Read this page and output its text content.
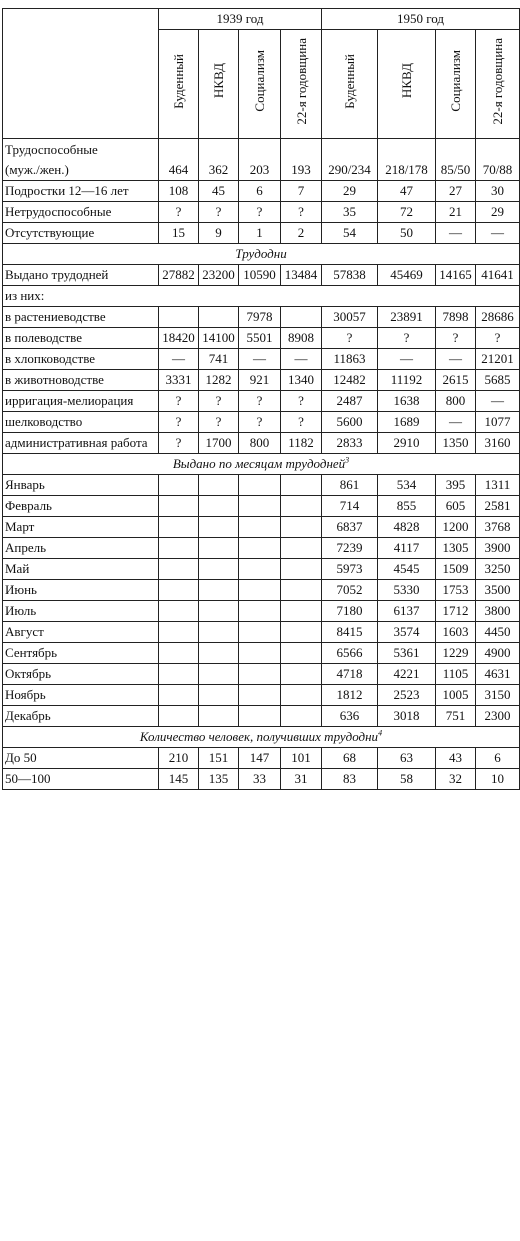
	1939 год				1950 год			
	Буденный	НКВД	Социализм	22-я годовщина	Буденный	НКВД	Социализм	22-я годовщина

Трудоспособные
(муж./жен.)	464	362	203	193	290/234	218/178	85/50	70/88
Подростки 12—16 лет	108	45	6	7	29	47	27	30
Нетрудоспособные	?	?	?	?	35	72	21	29
Отсутствующие	15	9	1	2	54	50	—	—
Трудодни								
Выдано трудодней	27882	23200	10590	13484	57838	45469	14165	41641
из них:								
в растениеводстве			7978		30057	23891	7898	28686
в полеводстве	18420	14100	5501	8908	?	?	?	?
в хлопководстве	—	741	—	—	11863	—	—	21201
в животноводстве	3331	1282	921	1340	12482	11192	2615	5685
ирригация-мелиорация	?	?	?	?	2487	1638	800	—
шелководство	?	?	?	?	5600	1689	—	1077
административная работа	?	1700	800	1182	2833	2910	1350	3160
Выдано по месяцам трудодней$^3$
Январь					861	534	395	1311
Февраль					714	855	605	2581
Март					6837	4828	1200	3768
Апрель					7239	4117	1305	3900
Май					5973	4545	1509	3250
Июнь					7052	5330	1753	3500
Июль					7180	6137	1712	3800
Август					8415	3574	1603	4450
Сентябрь					6566	5361	1229	4900
Октябрь					4718	4221	1105	4631
Ноябрь					1812	2523	1005	3150
Декабрь					636	3018	751	2300
Количество человек, получивших трудодни$^4$
До 50	210	151	147	101	68	63	43	6
50—100	145	135	33	31	83	58	32	10
